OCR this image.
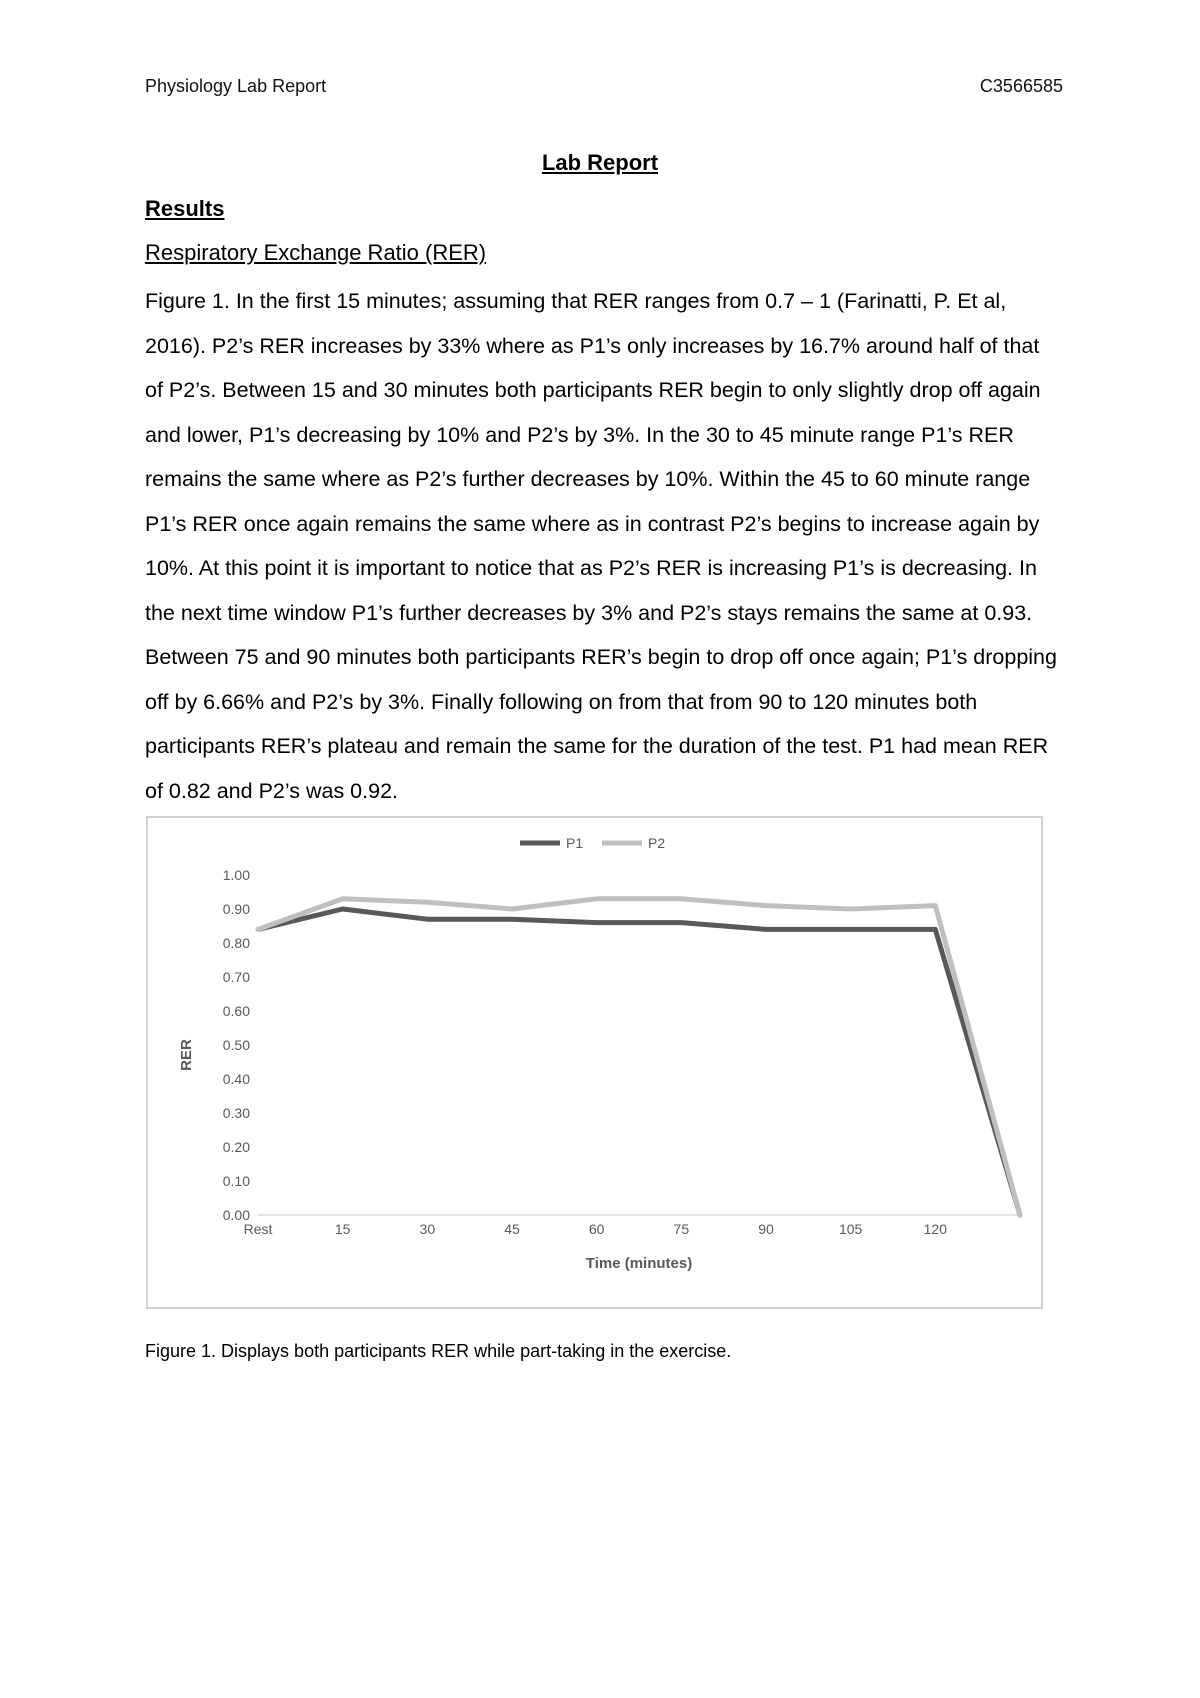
Physiology Lab Report	C3566585
Lab Report
Results
Respiratory Exchange Ratio (RER)

Figure 1. In the first 15 minutes; assuming that RER ranges from 0.7 – 1 (Farinatti, P. Et al, 2016). P2’s RER increases by 33% where as P1’s only increases by 16.7% around half of that of P2’s. Between 15 and 30 minutes both participants RER begin to only slightly drop off again and lower, P1’s decreasing by 10% and P2’s by 3%. In the 30 to 45 minute range P1’s RER remains the same where as P2’s further decreases by 10%. Within the 45 to 60 minute range P1’s RER once again remains the same where as in contrast P2’s begins to increase again by 10%. At this point it is important to notice that as P2’s RER is increasing P1’s is decreasing. In the next time window P1’s further decreases by 3% and P2’s stays remains the same at 0.93. Between 75 and 90 minutes both participants RER’s begin to drop off once again; P1’s dropping off by 6.66% and P2’s by 3%. Finally following on from that from 90 to 120 minutes both participants RER’s plateau and remain the same for the duration of the test. P1 had mean RER of 0.82 and P2’s was 0.92.

0.00
0.10
0.20
0.30
0.40
0.50
0.60
0.70
0.80
0.90
1.00
Rest	15	30	45	60	75	90	105	120
Time (minutes)
RER
P1	P2
Figure 1. Displays both participants RER while part-taking in the exercise.
